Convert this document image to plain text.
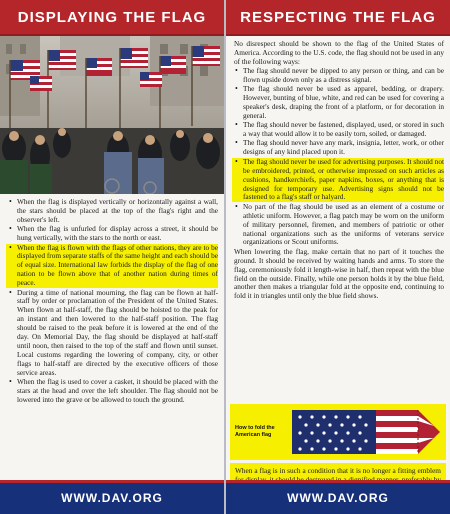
DISPLAYING THE FLAG
• When the flag is displayed vertically or horizontally against a wall, the stars should be placed at the top of the flag's right and the observer's left.
• When the flag is unfurled for display across a street, it should be hung vertically, with the stars to the north or east.
• When the flag is flown with the flags of other nations, they are to be displayed from separate staffs of the same height and each should be of equal size. International law forbids the display of the flag of one nation to be flown above that of another nation during times of peace.
• During a time of national mourning, the flag can be flown at half-staff by order or proclamation of the President of the United States. When flown at half-staff, the flag should be hoisted to the peak for an instant and then lowered to the half-staff position. The flag should be raised to the peak before it is lowered at the end of the day. On Memorial Day, the flag should be displayed at half-staff until noon, then raised to the top of the staff and flown until sunset. Local customs regarding the lowering of company, city, or other flags to half-staff are directed by the executive officers of those service areas.
• When the flag is used to cover a casket, it should be placed with the stars at the head and over the left shoulder. The flag should not be lowered into the grave or be allowed to touch the ground.
WWW.DAV.ORG
RESPECTING THE FLAG

No disrespect should be shown to the flag of the United States of America. According to the U.S. code, the flag should not be used in any of the following ways:

• The flag should never be dipped to any person or thing, and can be flown upside down only as a distress signal.
• The flag should never be used as apparel, bedding, or drapery. However, bunting of blue, white, and red can be used for covering a speaker's desk, draping the front of a platform, or for decoration in general.
• The flag should never be fastened, displayed, used, or stored in such a way that would allow it to be easily torn, soiled, or damaged.
• The flag should never have any mark, insignia, letter, work, or other designs of any kind placed upon it.
• The flag should never be used for advertising purposes. It should not be embroidered, printed, or otherwise impressed on such articles as cushions, handkerchiefs, paper napkins, boxes, or anything that is designed for temporary use. Advertising signs should not be fastened to a flag's staff or halyard.
• No part of the flag should be used as an element of a costume or athletic uniform. However, a flag patch may be worn on the uniform of military personnel, firemen, and members of patriotic or other national organizations such as the uniforms of veterans service organizations or Scout uniforms.

When lowering the flag, make certain that no part of it touches the ground. It should be received by waiting hands and arms. To store the flag, ceremoniously fold it length-wise in half, then repeat with the blue field on the outside. Finally, while one person holds it by the blue field, another then makes a triangular fold at the opposite end, continuing to fold it in triangles until only the blue field shows.

How to fold the American flag
When a flag is in such a condition that it is no longer a fitting emblem
WWW.DAV.ORG
